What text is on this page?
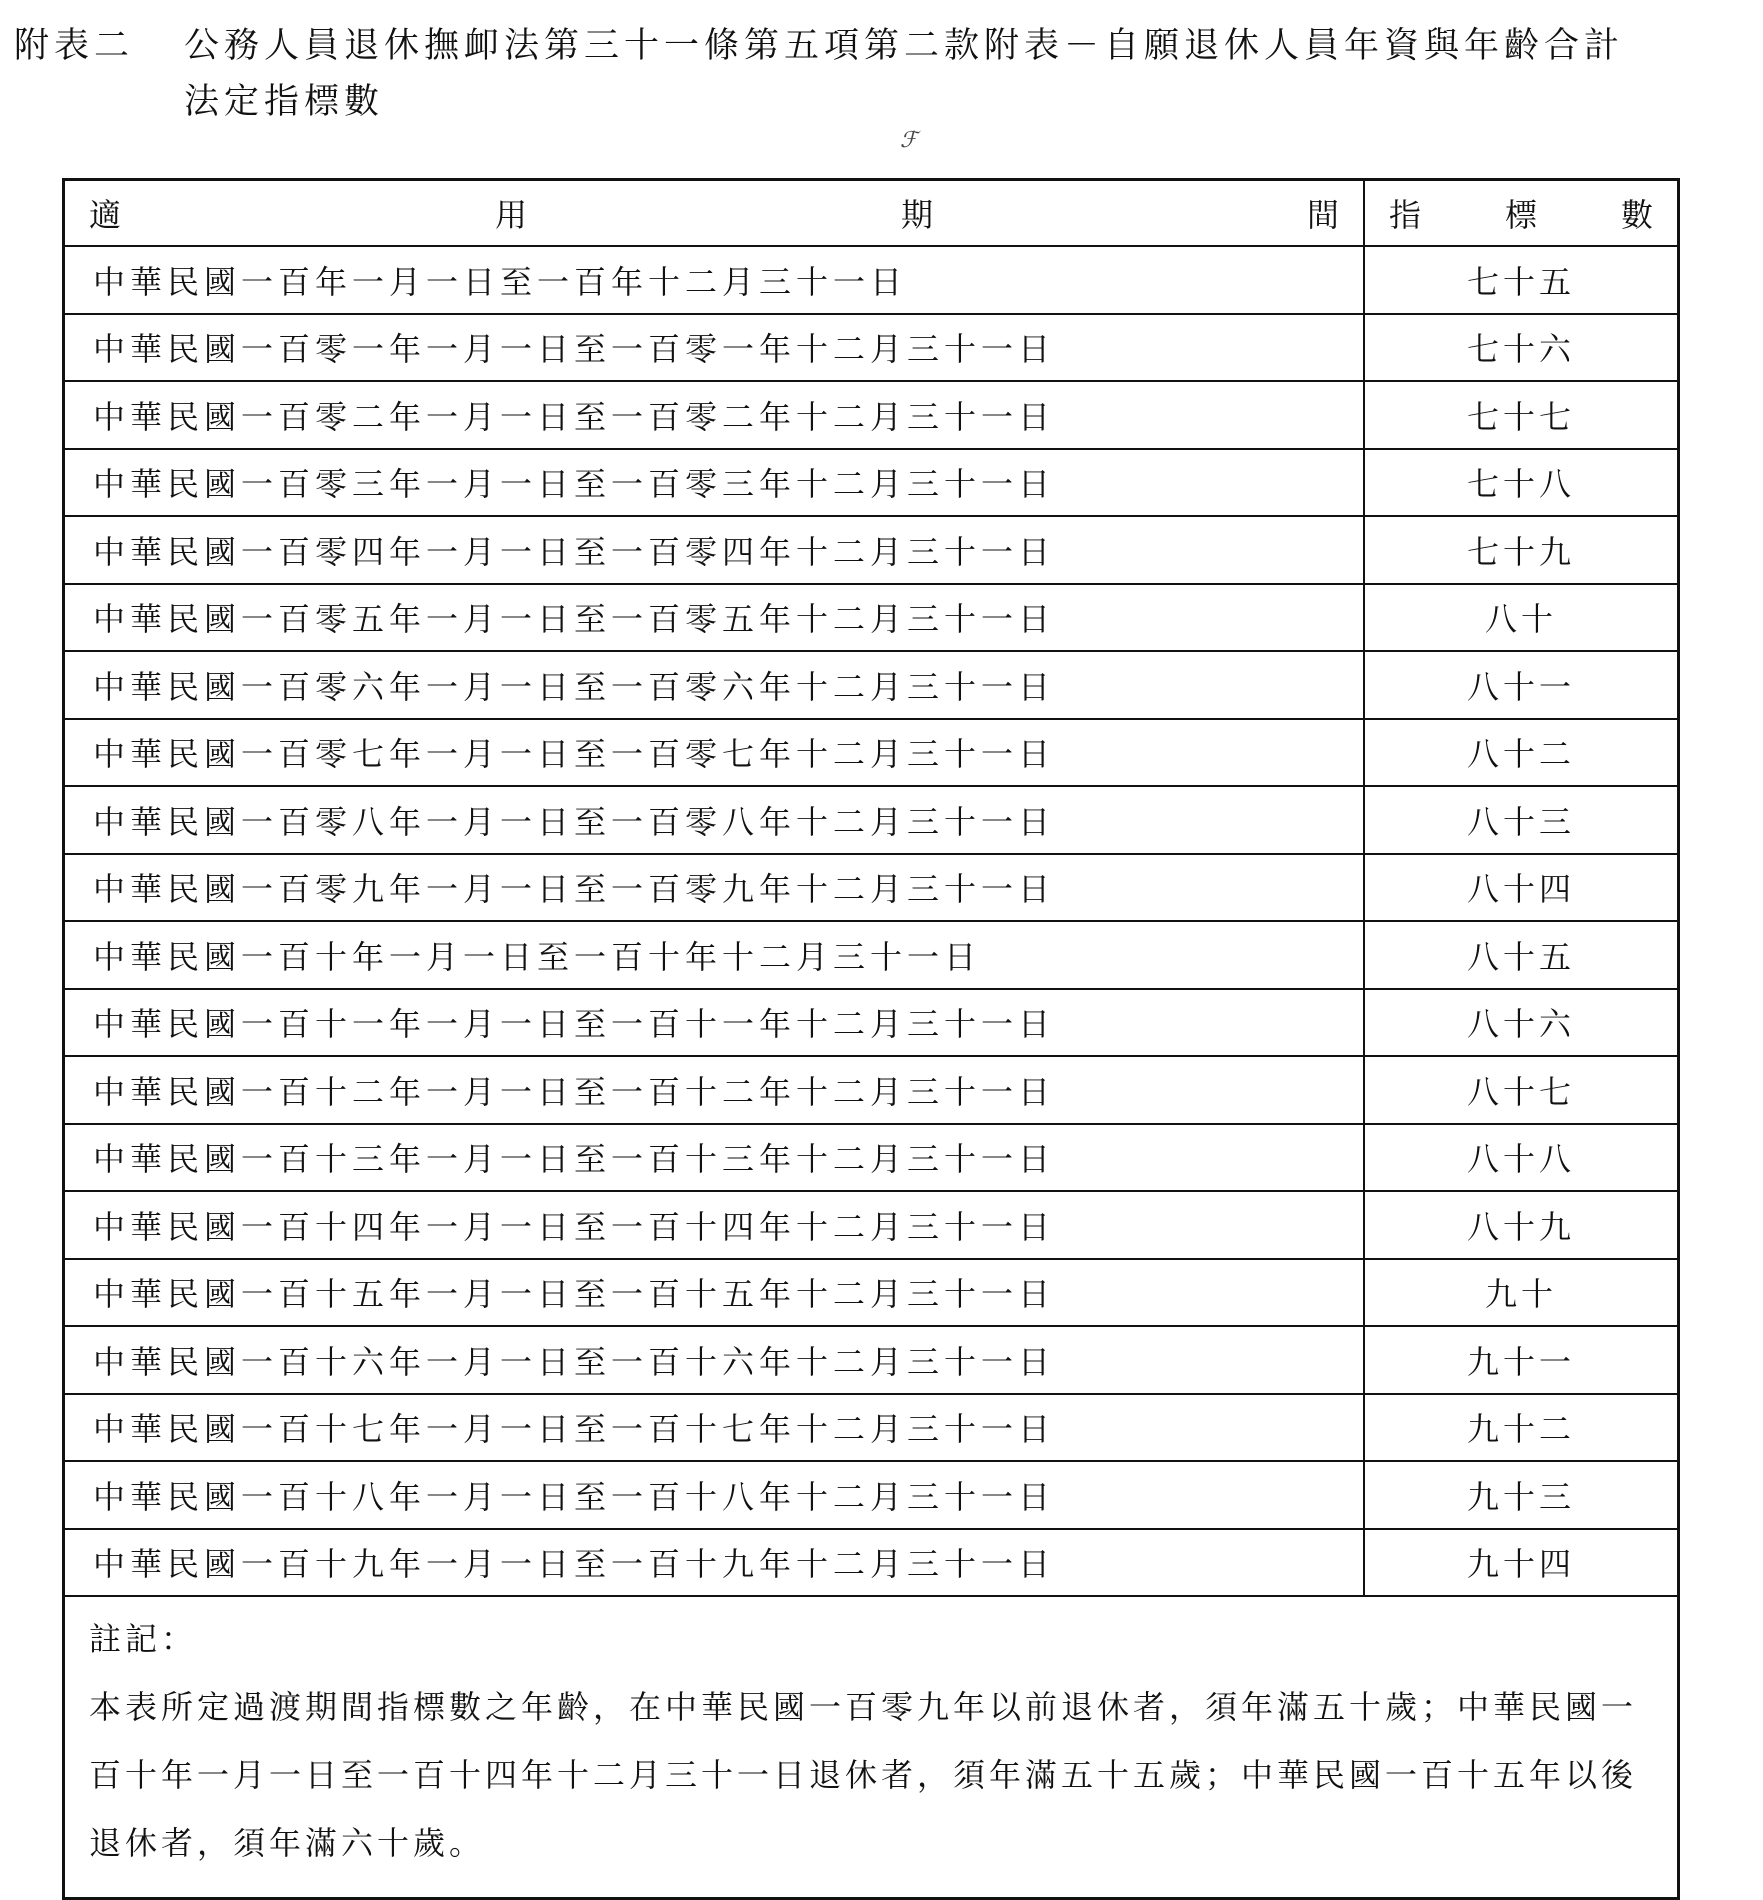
附表二	公務人員退休撫卹法第三十一條第五項第二款附表－自願退休人員年資與年齡合計
法定指標數
ℱ
適	用	期	間 指	標	數
中華民國一百年一月一日至一百年十二月三十一日	七十五
中華民國一百零一年一月一日至一百零一年十二月三十一日	七十六
中華民國一百零二年一月一日至一百零二年十二月三十一日	七十七
中華民國一百零三年一月一日至一百零三年十二月三十一日	七十八
中華民國一百零四年一月一日至一百零四年十二月三十一日	七十九
中華民國一百零五年一月一日至一百零五年十二月三十一日	八十
中華民國一百零六年一月一日至一百零六年十二月三十一日	八十一
中華民國一百零七年一月一日至一百零七年十二月三十一日	八十二
中華民國一百零八年一月一日至一百零八年十二月三十一日	八十三
中華民國一百零九年一月一日至一百零九年十二月三十一日	八十四
中華民國一百十年一月一日至一百十年十二月三十一日	八十五
中華民國一百十一年一月一日至一百十一年十二月三十一日	八十六
中華民國一百十二年一月一日至一百十二年十二月三十一日	八十七
中華民國一百十三年一月一日至一百十三年十二月三十一日	八十八
中華民國一百十四年一月一日至一百十四年十二月三十一日	八十九
中華民國一百十五年一月一日至一百十五年十二月三十一日	九十
中華民國一百十六年一月一日至一百十六年十二月三十一日	九十一
中華民國一百十七年一月一日至一百十七年十二月三十一日	九十二
中華民國一百十八年一月一日至一百十八年十二月三十一日	九十三
中華民國一百十九年一月一日至一百十九年十二月三十一日	九十四
註記：
本表所定過渡期間指標數之年齡，在中華民國一百零九年以前退休者，須年滿五十歲；中華民國一百十年一月一日至一百十四年十二月三十一日退休者，須年滿五十五歲；中華民國一百十五年以後退休者，須年滿六十歲。
